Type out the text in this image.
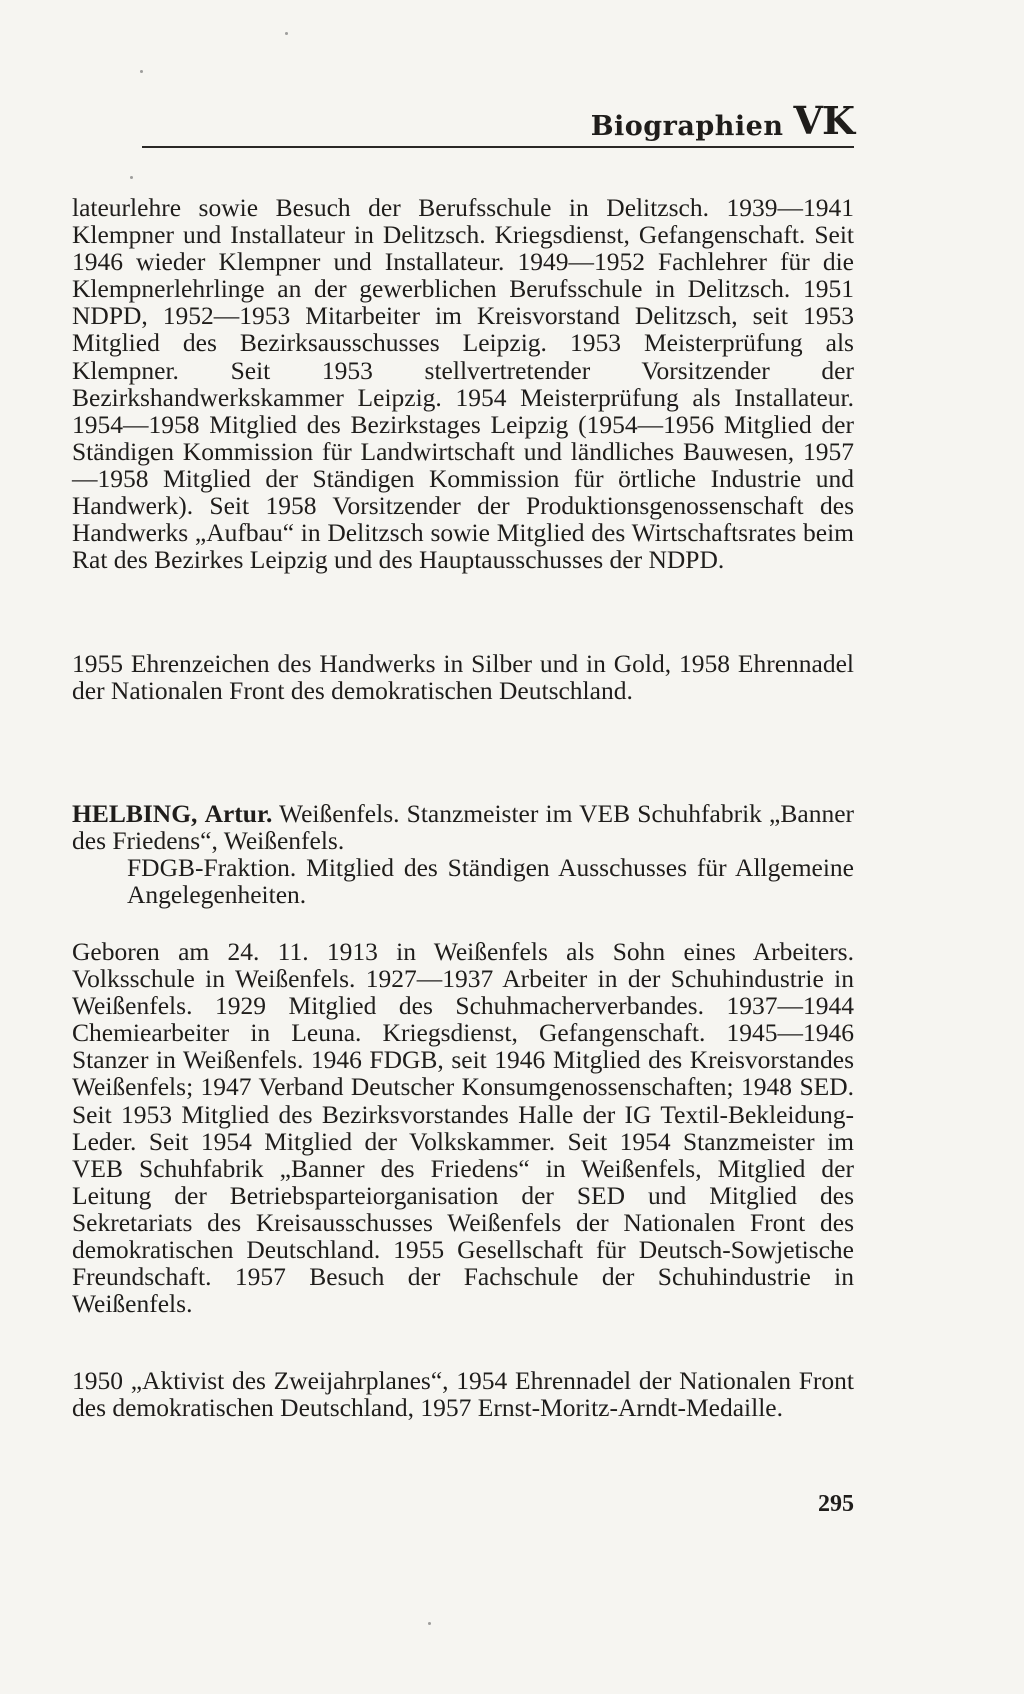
Biographien VK

lateurlehre sowie Besuch der Berufsschule in Delitzsch. 1939—1941 Klempner und Installateur in Delitzsch. Kriegsdienst, Gefangenschaft. Seit 1946 wieder Klempner und Installateur. 1949—1952 Fachlehrer für die Klempnerlehrlinge an der gewerblichen Berufsschule in Delitzsch. 1951 NDPD, 1952—1953 Mitarbeiter im Kreisvorstand Delitzsch, seit 1953 Mitglied des Bezirksausschusses Leipzig. 1953 Meisterprüfung als Klempner. Seit 1953 stellvertretender Vorsitzender der Bezirkshandwerkskammer Leipzig. 1954 Meisterprüfung als Installateur. 1954—1958 Mitglied des Bezirkstages Leipzig (1954—1956 Mitglied der Ständigen Kommission für Landwirtschaft und ländliches Bauwesen, 1957—1958 Mitglied der Ständigen Kommission für örtliche Industrie und Handwerk). Seit 1958 Vorsitzender der Produktionsgenossenschaft des Handwerks „Aufbau“ in Delitzsch sowie Mitglied des Wirtschaftsrates beim Rat des Bezirkes Leipzig und des Hauptausschusses der NDPD.

1955 Ehrenzeichen des Handwerks in Silber und in Gold, 1958 Ehrennadel der Nationalen Front des demokratischen Deutschland.

HELBING, Artur. Weißenfels. Stanzmeister im VEB Schuhfabrik „Banner des Friedens“, Weißenfels.
FDGB-Fraktion. Mitglied des Ständigen Ausschusses für Allgemeine Angelegenheiten.

Geboren am 24. 11. 1913 in Weißenfels als Sohn eines Arbeiters. Volksschule in Weißenfels. 1927—1937 Arbeiter in der Schuhindustrie in Weißenfels. 1929 Mitglied des Schuhmacherverbandes. 1937—1944 Chemiearbeiter in Leuna. Kriegsdienst, Gefangenschaft. 1945—1946 Stanzer in Weißenfels. 1946 FDGB, seit 1946 Mitglied des Kreisvorstandes Weißenfels; 1947 Verband Deutscher Konsumgenossenschaften; 1948 SED. Seit 1953 Mitglied des Bezirksvorstandes Halle der IG Textil-Bekleidung-Leder. Seit 1954 Mitglied der Volkskammer. Seit 1954 Stanzmeister im VEB Schuhfabrik „Banner des Friedens“ in Weißenfels, Mitglied der Leitung der Betriebsparteiorganisation der SED und Mitglied des Sekretariats des Kreisausschusses Weißenfels der Nationalen Front des demokratischen Deutschland. 1955 Gesellschaft für Deutsch-Sowjetische Freundschaft. 1957 Besuch der Fachschule der Schuhindustrie in Weißenfels.

1950 „Aktivist des Zweijahrplanes“, 1954 Ehrennadel der Nationalen Front des demokratischen Deutschland, 1957 Ernst-Moritz-Arndt-Medaille.

295
